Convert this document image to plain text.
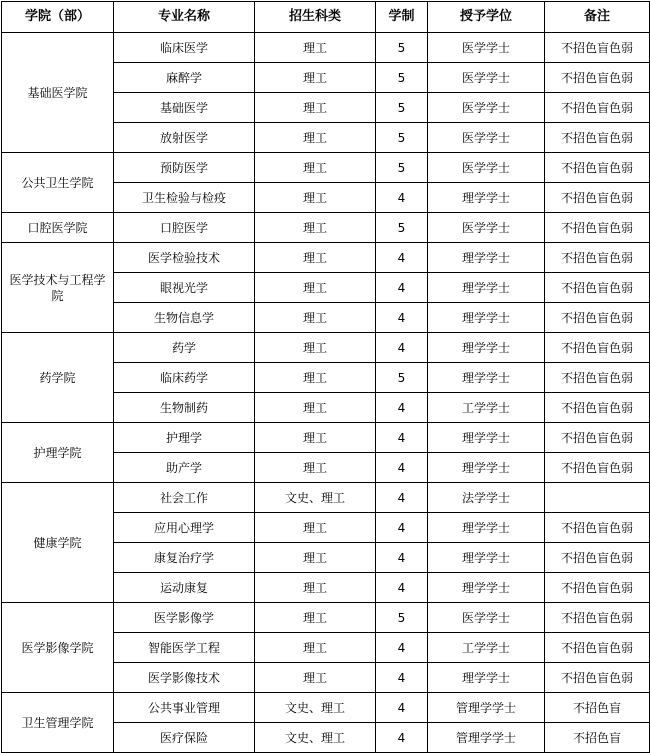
学院（部）	专业名称	招生科类	学制	授予学位	备注
基础医学院	临床医学	理工	5	医学学士	不招色盲色弱
	麻醉学	理工	5	医学学士	不招色盲色弱
	基础医学	理工	5	医学学士	不招色盲色弱
	放射医学	理工	5	医学学士	不招色盲色弱
公共卫生学院	预防医学	理工	5	医学学士	不招色盲色弱
	卫生检验与检疫	理工	4	理学学士	不招色盲色弱
口腔医学院	口腔医学	理工	5	医学学士	不招色盲色弱
医学技术与工程学院	医学检验技术	理工	4	理学学士	不招色盲色弱
	眼视光学	理工	4	理学学士	不招色盲色弱
	生物信息学	理工	4	理学学士	不招色盲色弱
药学院	药学	理工	4	理学学士	不招色盲色弱
	临床药学	理工	5	理学学士	不招色盲色弱
	生物制药	理工	4	工学学士	不招色盲色弱
护理学院	护理学	理工	4	理学学士	不招色盲色弱
	助产学	理工	4	理学学士	不招色盲色弱
健康学院	社会工作	文史、理工	4	法学学士	
	应用心理学	理工	4	理学学士	不招色盲色弱
	康复治疗学	理工	4	理学学士	不招色盲色弱
	运动康复	理工	4	理学学士	不招色盲色弱
医学影像学院	医学影像学	理工	5	医学学士	不招色盲色弱
	智能医学工程	理工	4	工学学士	不招色盲色弱
	医学影像技术	理工	4	理学学士	不招色盲色弱
卫生管理学院	公共事业管理	文史、理工	4	管理学学士	不招色盲
	医疗保险	文史、理工	4	管理学学士	不招色盲
